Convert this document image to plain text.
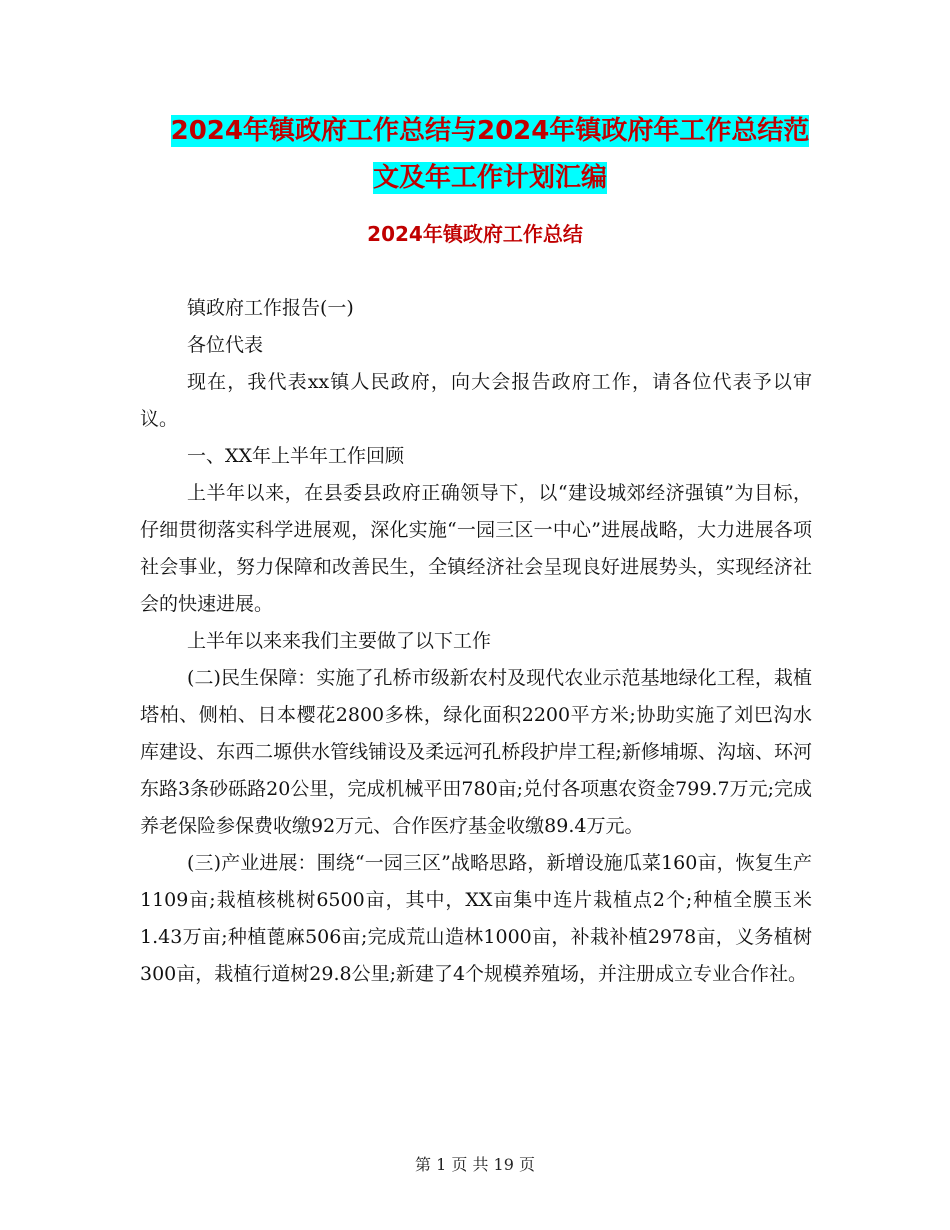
2024年镇政府工作总结与2024年镇政府年工作总结范
文及年工作计划汇编
2024年镇政府工作总结

镇政府工作报告(一)

各位代表

现在，我代表xx镇人民政府，向大会报告政府工作，请各位代表予以审议。

一、XX年上半年工作回顾

上半年以来，在县委县政府正确领导下，以“建设城郊经济强镇”为目标，仔细贯彻落实科学进展观，深化实施“一园三区一中心”进展战略，大力进展各项社会事业，努力保障和改善民生，全镇经济社会呈现良好进展势头，实现经济社会的快速进展。

上半年以来来我们主要做了以下工作

(二)民生保障：实施了孔桥市级新农村及现代农业示范基地绿化工程，栽植塔柏、侧柏、日本樱花2800多株，绿化面积2200平方米;协助实施了刘巴沟水库建设、东西二塬供水管线铺设及柔远河孔桥段护岸工程;新修埔塬、沟垴、环河东路3条砂砾路20公里，完成机械平田780亩;兑付各项惠农资金799.7万元;完成养老保险参保费收缴92万元、合作医疗基金收缴89.4万元。

(三)产业进展：围绕“一园三区”战略思路，新增设施瓜菜160亩，恢复生产1109亩;栽植核桃树6500亩，其中，XX亩集中连片栽植点2个;种植全膜玉米1.43万亩;种植蓖麻506亩;完成荒山造林1000亩，补栽补植2978亩，义务植树300亩，栽植行道树29.8公里;新建了4个规模养殖场，并注册成立专业合作社。

第 1 页 共 19 页
